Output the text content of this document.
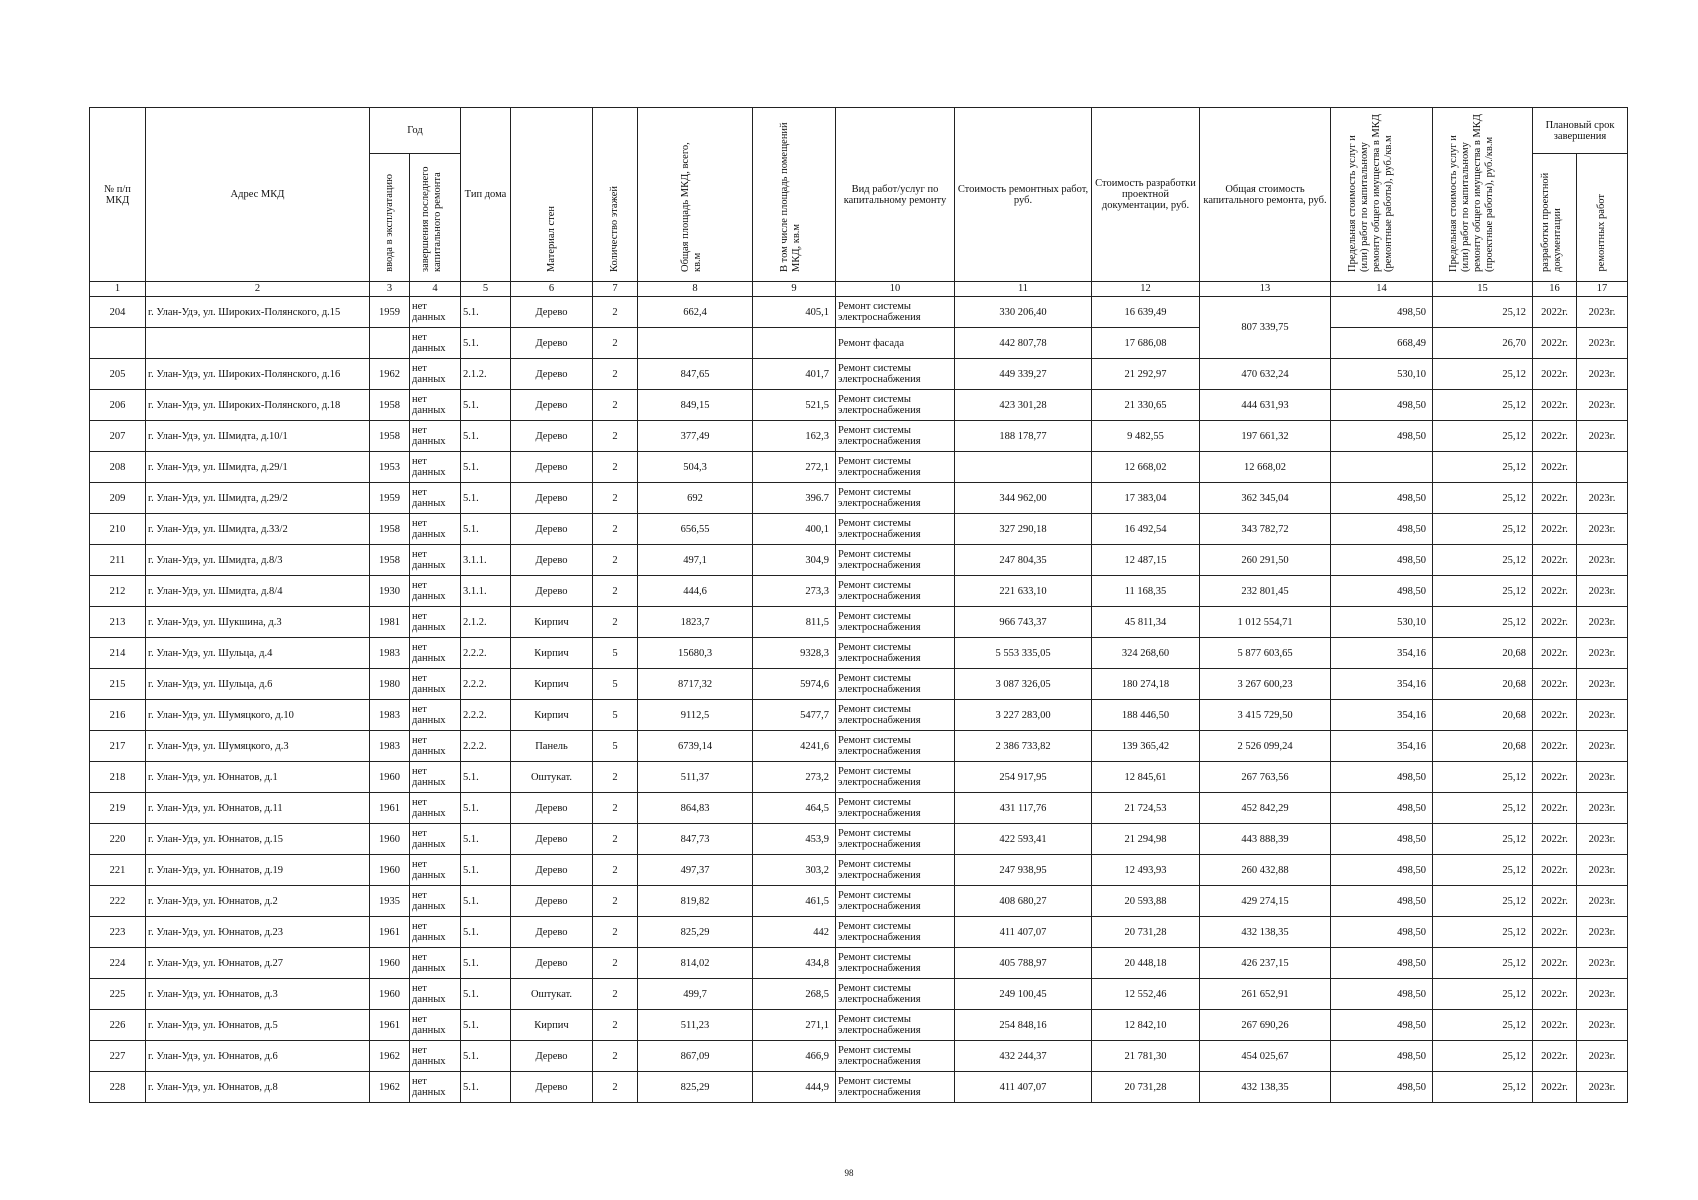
№ п/п МКД	Адрес МКД	Год		Тип дома	Материал стен	Количество этажей	Общая площадь МКД, всего, кв.м	В том числе площадь помещений МКД, кв.м	Вид работ/услуг по капитальному ремонту	Стоимость ремонтных работ, руб.	Стоимость разработки проектной документации, руб.	Общая стоимость капитального ремонта, руб.	Предельная стоимость услуг и (или) работ по капитальному ремонту общего имущества в МКД (ремонтные работы), руб./кв.м	Предельная стоимость услуг и (или) работ по капитальному ремонту общего имущества в МКД (проектные работы), руб./кв.м	Плановый срок завершения	
		ввода в эксплуатацию	завершения последнего капитального ремонта												разработки проектной документации	ремонтных работ
1	2	3	4	5	6	7	8	9	10	11	12	13	14	15	16	17
204	г. Улан-Удэ, ул. Широких-Полянского, д.15	1959	нет данных	5.1.	Дерево	2	662,4	405,1	Ремонт системы электроснабжения	330 206,40	16 639,49	807 339,75	498,50	25,12	2022г.	2023г.
			нет данных	5.1.	Дерево	2			Ремонт фасада	442 807,78	17 686,08		668,49	26,70	2022г.	2023г.
205	г. Улан-Удэ, ул. Широких-Полянского, д.16	1962	нет данных	2.1.2.	Дерево	2	847,65	401,7	Ремонт системы электроснабжения	449 339,27	21 292,97	470 632,24	530,10	25,12	2022г.	2023г.
206	г. Улан-Удэ, ул. Широких-Полянского, д.18	1958	нет данных	5.1.	Дерево	2	849,15	521,5	Ремонт системы электроснабжения	423 301,28	21 330,65	444 631,93	498,50	25,12	2022г.	2023г.
207	г. Улан-Удэ, ул. Шмидта, д.10/1	1958	нет данных	5.1.	Дерево	2	377,49	162,3	Ремонт системы электроснабжения	188 178,77	9 482,55	197 661,32	498,50	25,12	2022г.	2023г.
208	г. Улан-Удэ, ул. Шмидта, д.29/1	1953	нет данных	5.1.	Дерево	2	504,3	272,1	Ремонт системы электроснабжения		12 668,02	12 668,02		25,12	2022г.	
209	г. Улан-Удэ, ул. Шмидта, д.29/2	1959	нет данных	5.1.	Дерево	2	692	396.7	Ремонт системы электроснабжения	344 962,00	17 383,04	362 345,04	498,50	25,12	2022г.	2023г.
210	г. Улан-Удэ, ул. Шмидта, д.33/2	1958	нет данных	5.1.	Дерево	2	656,55	400,1	Ремонт системы электроснабжения	327 290,18	16 492,54	343 782,72	498,50	25,12	2022г.	2023г.
211	г. Улан-Удэ, ул. Шмидта, д.8/3	1958	нет данных	3.1.1.	Дерево	2	497,1	304,9	Ремонт системы электроснабжения	247 804,35	12 487,15	260 291,50	498,50	25,12	2022г.	2023г.
212	г. Улан-Удэ, ул. Шмидта, д.8/4	1930	нет данных	3.1.1.	Дерево	2	444,6	273,3	Ремонт системы электроснабжения	221 633,10	11 168,35	232 801,45	498,50	25,12	2022г.	2023г.
213	г. Улан-Удэ, ул. Шукшина, д.3	1981	нет данных	2.1.2.	Кирпич	2	1823,7	811,5	Ремонт системы электроснабжения	966 743,37	45 811,34	1 012 554,71	530,10	25,12	2022г.	2023г.
214	г. Улан-Удэ, ул. Шульца, д.4	1983	нет данных	2.2.2.	Кирпич	5	15680,3	9328,3	Ремонт системы электроснабжения	5 553 335,05	324 268,60	5 877 603,65	354,16	20,68	2022г.	2023г.
215	г. Улан-Удэ, ул. Шульца, д.6	1980	нет данных	2.2.2.	Кирпич	5	8717,32	5974,6	Ремонт системы электроснабжения	3 087 326,05	180 274,18	3 267 600,23	354,16	20,68	2022г.	2023г.
216	г. Улан-Удэ, ул. Шумяцкого, д.10	1983	нет данных	2.2.2.	Кирпич	5	9112,5	5477,7	Ремонт системы электроснабжения	3 227 283,00	188 446,50	3 415 729,50	354,16	20,68	2022г.	2023г.
217	г. Улан-Удэ, ул. Шумяцкого, д.3	1983	нет данных	2.2.2.	Панель	5	6739,14	4241,6	Ремонт системы электроснабжения	2 386 733,82	139 365,42	2 526 099,24	354,16	20,68	2022г.	2023г.
218	г. Улан-Удэ, ул. Юннатов, д.1	1960	нет данных	5.1.	Оштукат.	2	511,37	273,2	Ремонт системы электроснабжения	254 917,95	12 845,61	267 763,56	498,50	25,12	2022г.	2023г.
219	г. Улан-Удэ, ул. Юннатов, д.11	1961	нет данных	5.1.	Дерево	2	864,83	464,5	Ремонт системы электроснабжения	431 117,76	21 724,53	452 842,29	498,50	25,12	2022г.	2023г.
220	г. Улан-Удэ, ул. Юннатов, д.15	1960	нет данных	5.1.	Дерево	2	847,73	453,9	Ремонт системы электроснабжения	422 593,41	21 294,98	443 888,39	498,50	25,12	2022г.	2023г.
221	г. Улан-Удэ, ул. Юннатов, д.19	1960	нет данных	5.1.	Дерево	2	497,37	303,2	Ремонт системы электроснабжения	247 938,95	12 493,93	260 432,88	498,50	25,12	2022г.	2023г.
222	г. Улан-Удэ, ул. Юннатов, д.2	1935	нет данных	5.1.	Дерево	2	819,82	461,5	Ремонт системы электроснабжения	408 680,27	20 593,88	429 274,15	498,50	25,12	2022г.	2023г.
223	г. Улан-Удэ, ул. Юннатов, д.23	1961	нет данных	5.1.	Дерево	2	825,29	442	Ремонт системы электроснабжения	411 407,07	20 731,28	432 138,35	498,50	25,12	2022г.	2023г.
224	г. Улан-Удэ, ул. Юннатов, д.27	1960	нет данных	5.1.	Дерево	2	814,02	434,8	Ремонт системы электроснабжения	405 788,97	20 448,18	426 237,15	498,50	25,12	2022г.	2023г.
225	г. Улан-Удэ, ул. Юннатов, д.3	1960	нет данных	5.1.	Оштукат.	2	499,7	268,5	Ремонт системы электроснабжения	249 100,45	12 552,46	261 652,91	498,50	25,12	2022г.	2023г.
226	г. Улан-Удэ, ул. Юннатов, д.5	1961	нет данных	5.1.	Кирпич	2	511,23	271,1	Ремонт системы электроснабжения	254 848,16	12 842,10	267 690,26	498,50	25,12	2022г.	2023г.
227	г. Улан-Удэ, ул. Юннатов, д.6	1962	нет данных	5.1.	Дерево	2	867,09	466,9	Ремонт системы электроснабжения	432 244,37	21 781,30	454 025,67	498,50	25,12	2022г.	2023г.
228	г. Улан-Удэ, ул. Юннатов, д.8	1962	нет данных	5.1.	Дерево	2	825,29	444,9	Ремонт системы электроснабжения	411 407,07	20 731,28	432 138,35	498,50	25,12	2022г.	2023г.
98
